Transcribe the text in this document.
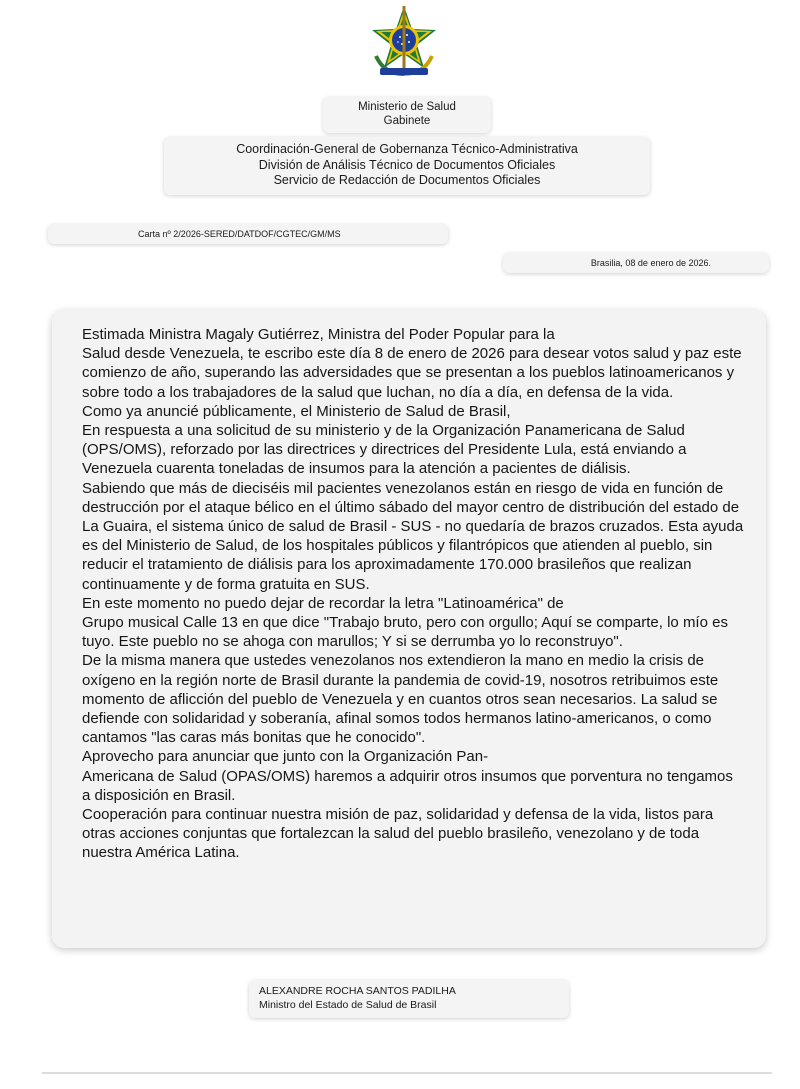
Ministerio de Salud
Gabinete
Coordinación-General de Gobernanza Técnico-Administrativa
División de Análisis Técnico de Documentos Oficiales
Servicio de Redacción de Documentos Oficiales
Carta nº 2/2026-SERED/DATDOF/CGTEC/GM/MS
Brasilia, 08 de enero de 2026.

Estimada Ministra Magaly Gutiérrez, Ministra del Poder Popular para la

Salud desde Venezuela, te escribo este día 8 de enero de 2026 para desear votos salud y paz este comienzo de año, superando las adversidades que se presentan a los pueblos latinoamericanos y sobre todo a los trabajadores de la salud que luchan, no día a día, en defensa de la vida.

Como ya anuncié públicamente, el Ministerio de Salud de Brasil,

En respuesta a una solicitud de su ministerio y de la Organización Panamericana de Salud (OPS/OMS), reforzado por las directrices y directrices del Presidente Lula, está enviando a Venezuela cuarenta toneladas de insumos para la atención a pacientes de diálisis.

Sabiendo que más de dieciséis mil pacientes venezolanos están en riesgo de vida en función de destrucción por el ataque bélico en el último sábado del mayor centro de distribución del estado de La Guaira, el sistema único de salud de Brasil - SUS - no quedaría de brazos cruzados. Esta ayuda es del Ministerio de Salud, de los hospitales públicos y filantrópicos que atienden al pueblo, sin reducir el tratamiento de diálisis para los aproximadamente 170.000 brasileños que realizan continuamente y de forma gratuita en SUS.

En este momento no puedo dejar de recordar la letra "Latinoamérica" de

Grupo musical Calle 13 en que dice "Trabajo bruto, pero con orgullo; Aquí se comparte, lo mío es tuyo. Este pueblo no se ahoga con marullos; Y si se derrumba yo lo reconstruyo".

De la misma manera que ustedes venezolanos nos extendieron la mano en medio la crisis de oxígeno en la región norte de Brasil durante la pandemia de covid-19, nosotros retribuimos este momento de aflicción del pueblo de Venezuela y en cuantos otros sean necesarios. La salud se defiende con solidaridad y soberanía, afinal somos todos hermanos latino-americanos, o como cantamos "las caras más bonitas que he conocido".

Aprovecho para anunciar que junto con la Organización Pan-

Americana de Salud (OPAS/OMS) haremos a adquirir otros insumos que porventura no tengamos a disposición en Brasil.

Cooperación para continuar nuestra misión de paz, solidaridad y defensa de la vida, listos para otras acciones conjuntas que fortalezcan la salud del pueblo brasileño, venezolano y de toda nuestra América Latina.

ALEXANDRE ROCHA SANTOS PADILHA
Ministro del Estado de Salud de Brasil
